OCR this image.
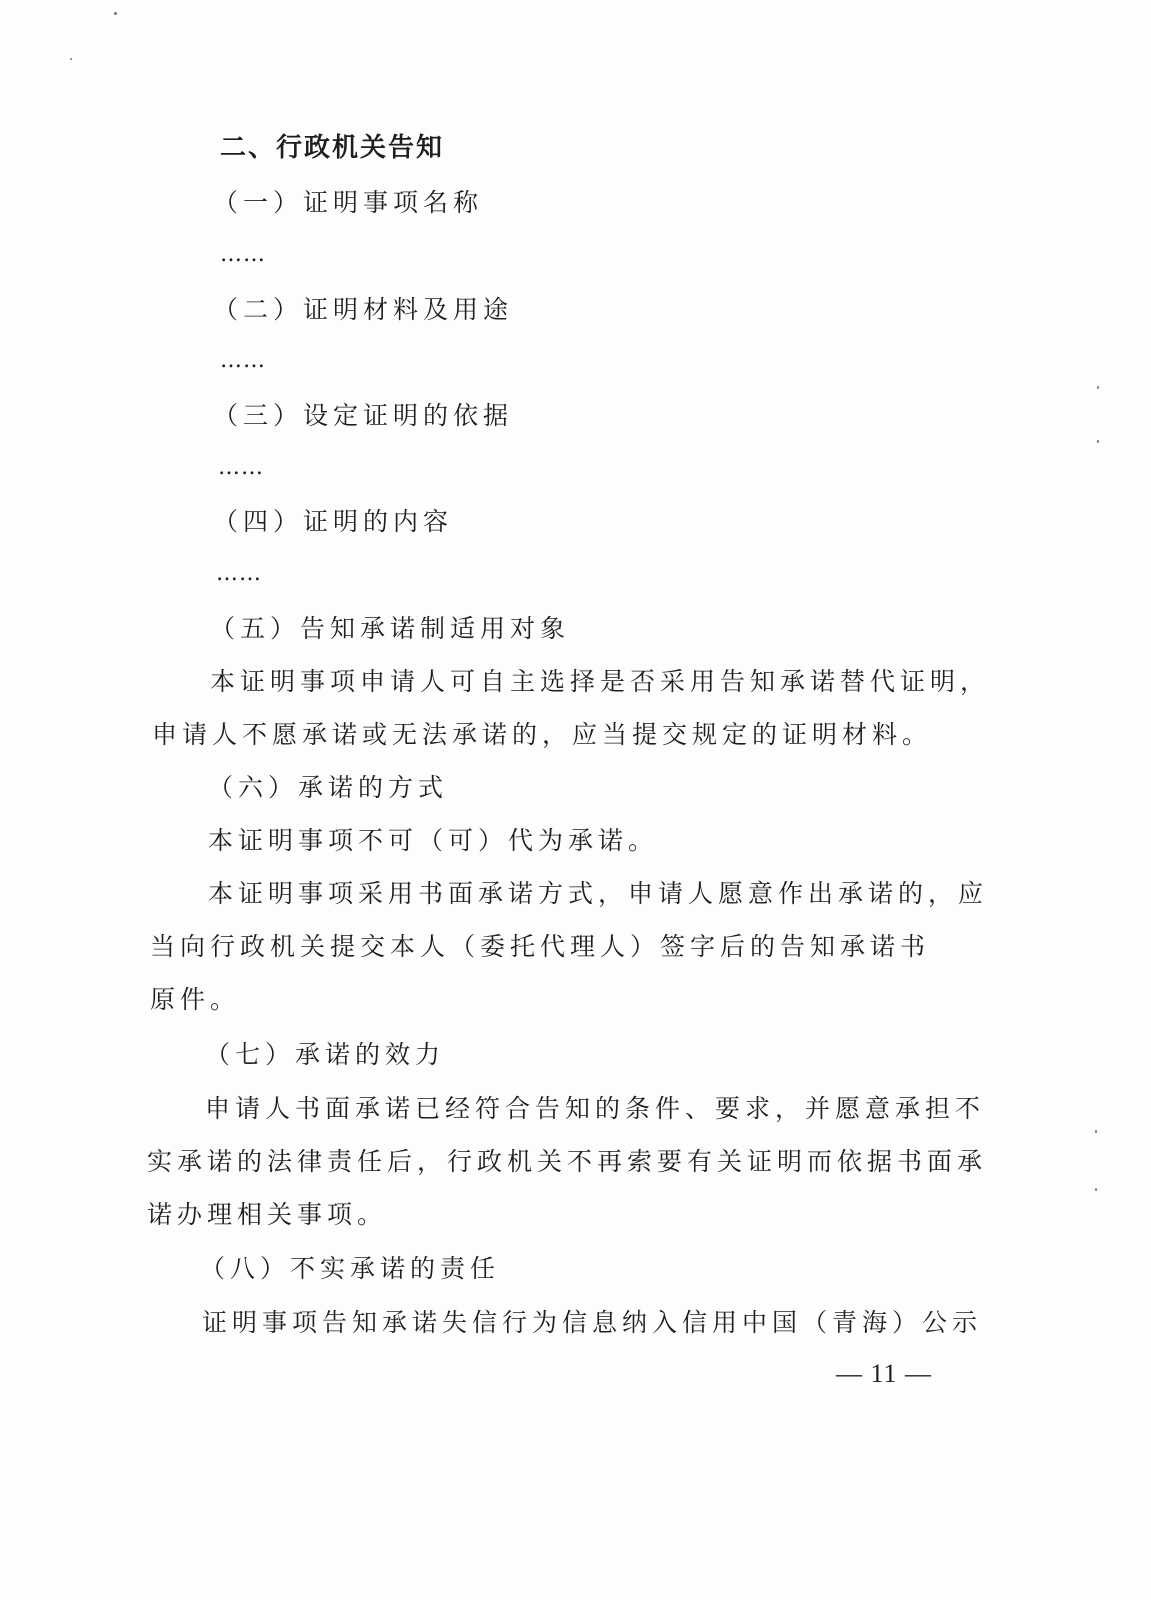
二、行政机关告知
（一）证明事项名称
……
（二）证明材料及用途
……
（三）设定证明的依据
……
（四）证明的内容
……
（五）告知承诺制适用对象
本证明事项申请人可自主选择是否采用告知承诺替代证明，
申请人不愿承诺或无法承诺的，应当提交规定的证明材料。
（六）承诺的方式
本证明事项不可（可）代为承诺。
本证明事项采用书面承诺方式，申请人愿意作出承诺的，应
当向行政机关提交本人（委托代理人）签字后的告知承诺书
原件。
（七）承诺的效力
申请人书面承诺已经符合告知的条件、要求，并愿意承担不
实承诺的法律责任后，行政机关不再索要有关证明而依据书面承
诺办理相关事项。
（八）不实承诺的责任
证明事项告知承诺失信行为信息纳入信用中国（青海）公示
— 11 —
